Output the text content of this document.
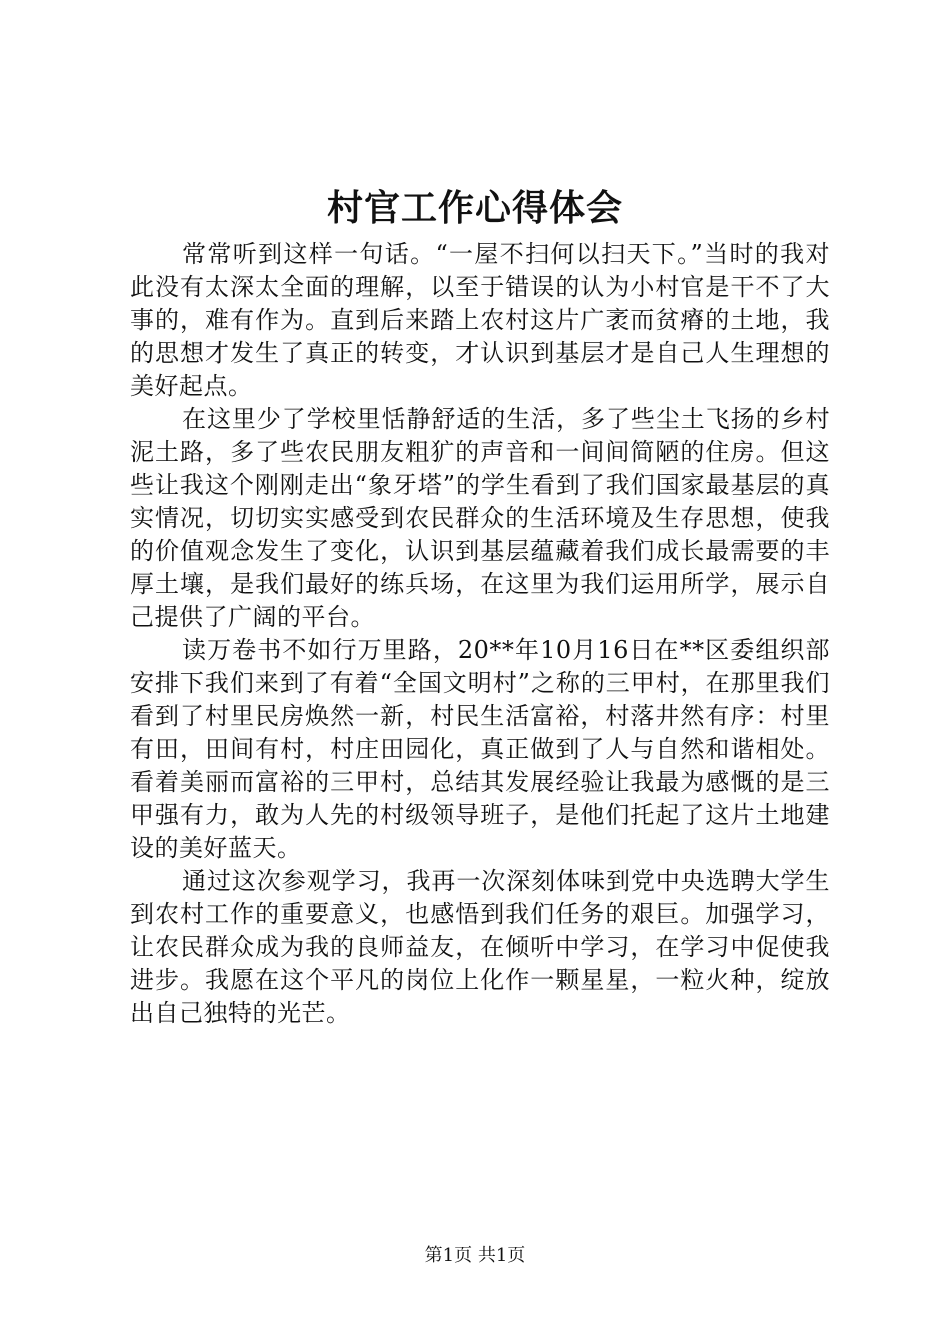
村官工作心得体会

常常听到这样一句话。“一屋不扫何以扫天下。”当时的我对此没有太深太全面的理解，以至于错误的认为小村官是干不了大事的，难有作为。直到后来踏上农村这片广袤而贫瘠的土地，我的思想才发生了真正的转变，才认识到基层才是自己人生理想的美好起点。

在这里少了学校里恬静舒适的生活，多了些尘土飞扬的乡村泥土路，多了些农民朋友粗犷的声音和一间间简陋的住房。但这些让我这个刚刚走出“象牙塔”的学生看到了我们国家最基层的真实情况，切切实实感受到农民群众的生活环境及生存思想，使我的价值观念发生了变化，认识到基层蕴藏着我们成长最需要的丰厚土壤，是我们最好的练兵场，在这里为我们运用所学，展示自己提供了广阔的平台。

读万卷书不如行万里路，20**年10月16日在**区委组织部安排下我们来到了有着“全国文明村”之称的三甲村，在那里我们看到了村里民房焕然一新，村民生活富裕，村落井然有序：村里有田，田间有村，村庄田园化，真正做到了人与自然和谐相处。看着美丽而富裕的三甲村，总结其发展经验让我最为感慨的是三甲强有力，敢为人先的村级领导班子，是他们托起了这片土地建设的美好蓝天。

通过这次参观学习，我再一次深刻体味到党中央选聘大学生到农村工作的重要意义，也感悟到我们任务的艰巨。加强学习，让农民群众成为我的良师益友，在倾听中学习，在学习中促使我进步。我愿在这个平凡的岗位上化作一颗星星，一粒火种，绽放出自己独特的光芒。

第1页 共1页
